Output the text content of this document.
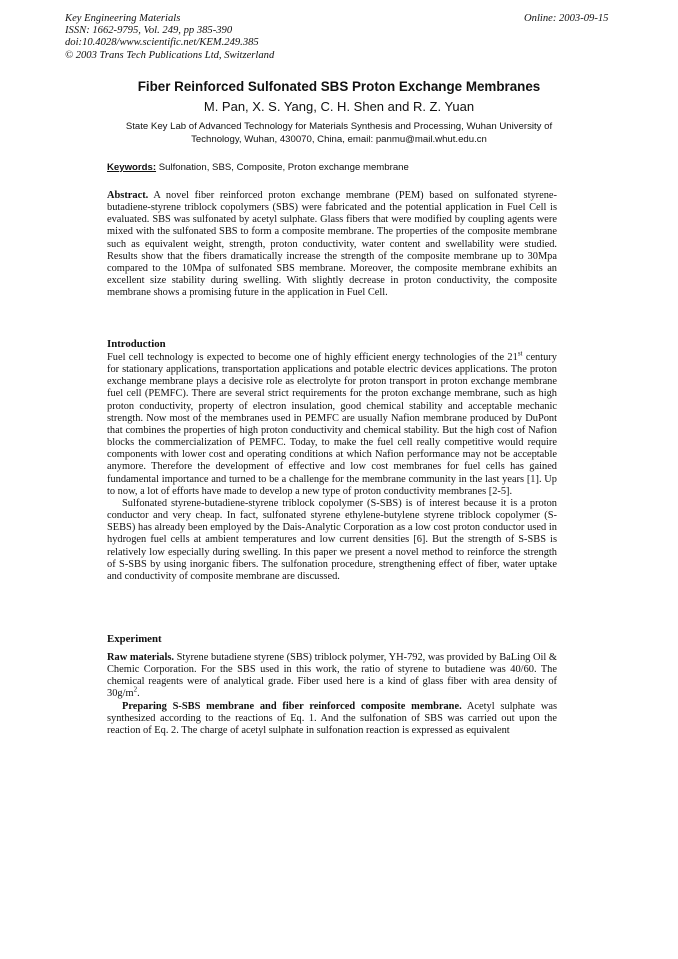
Key Engineering Materials
ISSN: 1662-9795, Vol. 249, pp 385-390
doi:10.4028/www.scientific.net/KEM.249.385
© 2003 Trans Tech Publications Ltd, Switzerland
Online: 2003-09-15
Fiber Reinforced Sulfonated SBS Proton Exchange Membranes
M. Pan, X. S. Yang, C. H. Shen and R. Z. Yuan
State Key Lab of Advanced Technology for Materials Synthesis and Processing, Wuhan University of Technology, Wuhan, 430070, China, email: panmu@mail.whut.edu.cn
Keywords: Sulfonation, SBS, Composite, Proton exchange membrane

Abstract. A novel fiber reinforced proton exchange membrane (PEM) based on sulfonated styrene-butadiene-styrene triblock copolymers (SBS) were fabricated and the potential application in Fuel Cell is evaluated. SBS was sulfonated by acetyl sulphate. Glass fibers that were modified by coupling agents were mixed with the sulfonated SBS to form a composite membrane. The properties of the composite membrane such as equivalent weight, strength, proton conductivity, water content and swellability were studied. Results show that the fibers dramatically increase the strength of the composite membrane up to 30Mpa compared to the 10Mpa of sulfonated SBS membrane. Moreover, the composite membrane exhibits an excellent size stability during swelling. With slightly decrease in proton conductivity, the composite membrane shows a promising future in the application in Fuel Cell.

Introduction

Fuel cell technology is expected to become one of highly efficient energy technologies of the 21st century for stationary applications, transportation applications and potable electric devices applications. The proton exchange membrane plays a decisive role as electrolyte for proton transport in proton exchange membrane fuel cell (PEMFC). There are several strict requirements for the proton exchange membrane, such as high proton conductivity, property of electron insulation, good chemical stability and acceptable mechanic strength. Now most of the membranes used in PEMFC are usually Nafion membrane produced by DuPont that combines the properties of high proton conductivity and chemical stability. But the high cost of Nafion blocks the commercialization of PEMFC. Today, to make the fuel cell really competitive would require components with lower cost and operating conditions at which Nafion performance may not be acceptable anymore. Therefore the development of effective and low cost membranes for fuel cells has gained fundamental importance and turned to be a challenge for the membrane community in the last years [1]. Up to now, a lot of efforts have made to develop a new type of proton conductivity membranes [2-5].

Sulfonated styrene-butadiene-styrene triblock copolymer (S-SBS) is of interest because it is a proton conductor and very cheap. In fact, sulfonated styrene ethylene-butylene styrene triblock copolymer (S-SEBS) has already been employed by the Dais-Analytic Corporation as a low cost proton conductor used in hydrogen fuel cells at ambient temperatures and low current densities [6]. But the strength of S-SBS is relatively low especially during swelling. In this paper we present a novel method to reinforce the strength of S-SBS by using inorganic fibers. The sulfonation procedure, strengthening effect of fiber, water uptake and conductivity of composite membrane are discussed.

Experiment

Raw materials. Styrene butadiene styrene (SBS) triblock polymer, YH-792, was provided by BaLing Oil & Chemic Corporation. For the SBS used in this work, the ratio of styrene to butadiene was 40/60. The chemical reagents were of analytical grade. Fiber used here is a kind of glass fiber with area density of $30g/m^2$.

Preparing S-SBS membrane and fiber reinforced composite membrane. Acetyl sulphate was synthesized according to the reactions of Eq. 1. And the sulfonation of SBS was carried out upon the reaction of Eq. 2. The charge of acetyl sulphate in sulfonation reaction is expressed as equivalent
